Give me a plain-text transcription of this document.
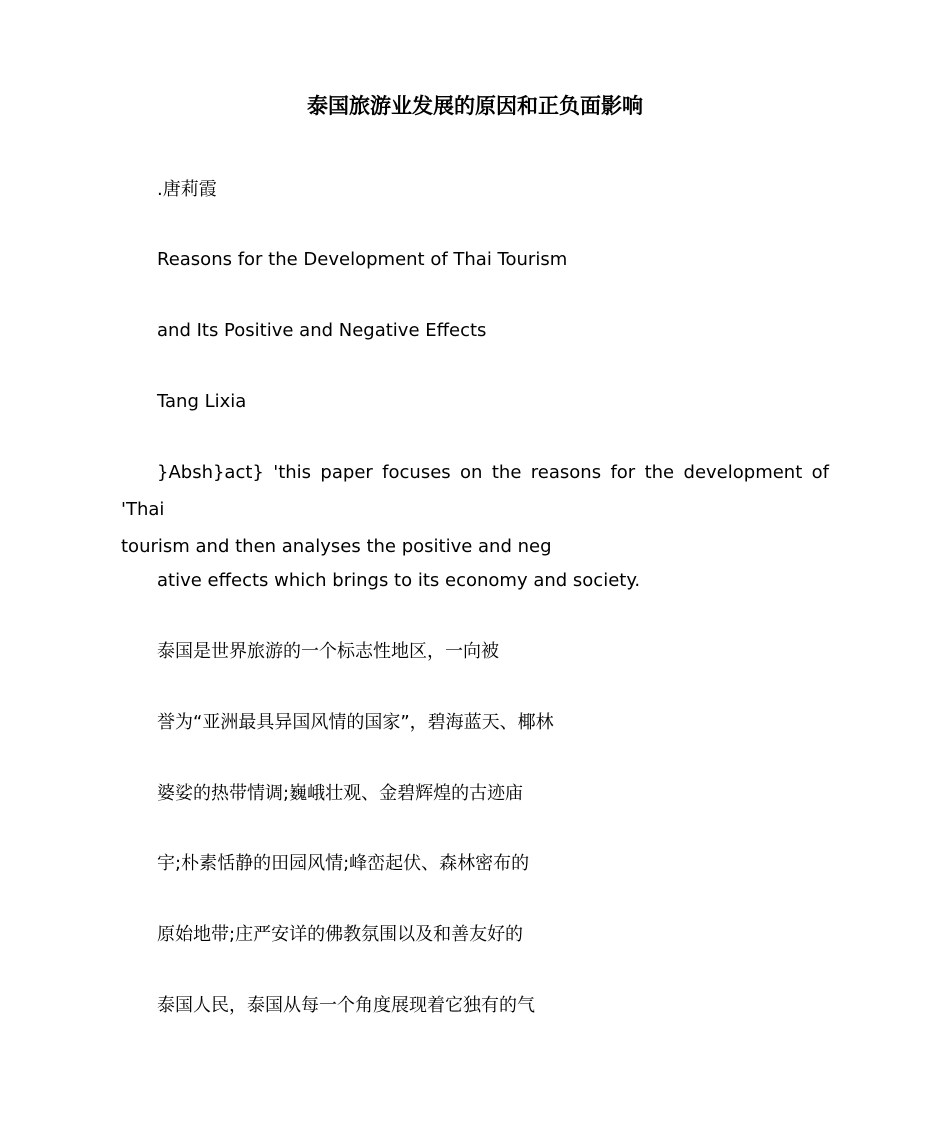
泰国旅游业发展的原因和正负面影响

.唐莉霞

Reasons for the Development of Thai Tourism

and Its Positive and Negative Effects

Tang Lixia

}Absh}act} 'this paper focuses on the reasons for the development of 'Thai
tourism and then analyses the positive and neg

ative effects which brings to its economy and society.

泰国是世界旅游的一个标志性地区，一向被

誉为“亚洲最具异国风情的国家”，碧海蓝天、椰林

婆娑的热带情调;巍峨壮观、金碧辉煌的古迹庙

宇;朴素恬静的田园风情;峰峦起伏、森林密布的

原始地带;庄严安详的佛教氛围以及和善友好的

泰国人民，泰国从每一个角度展现着它独有的气
